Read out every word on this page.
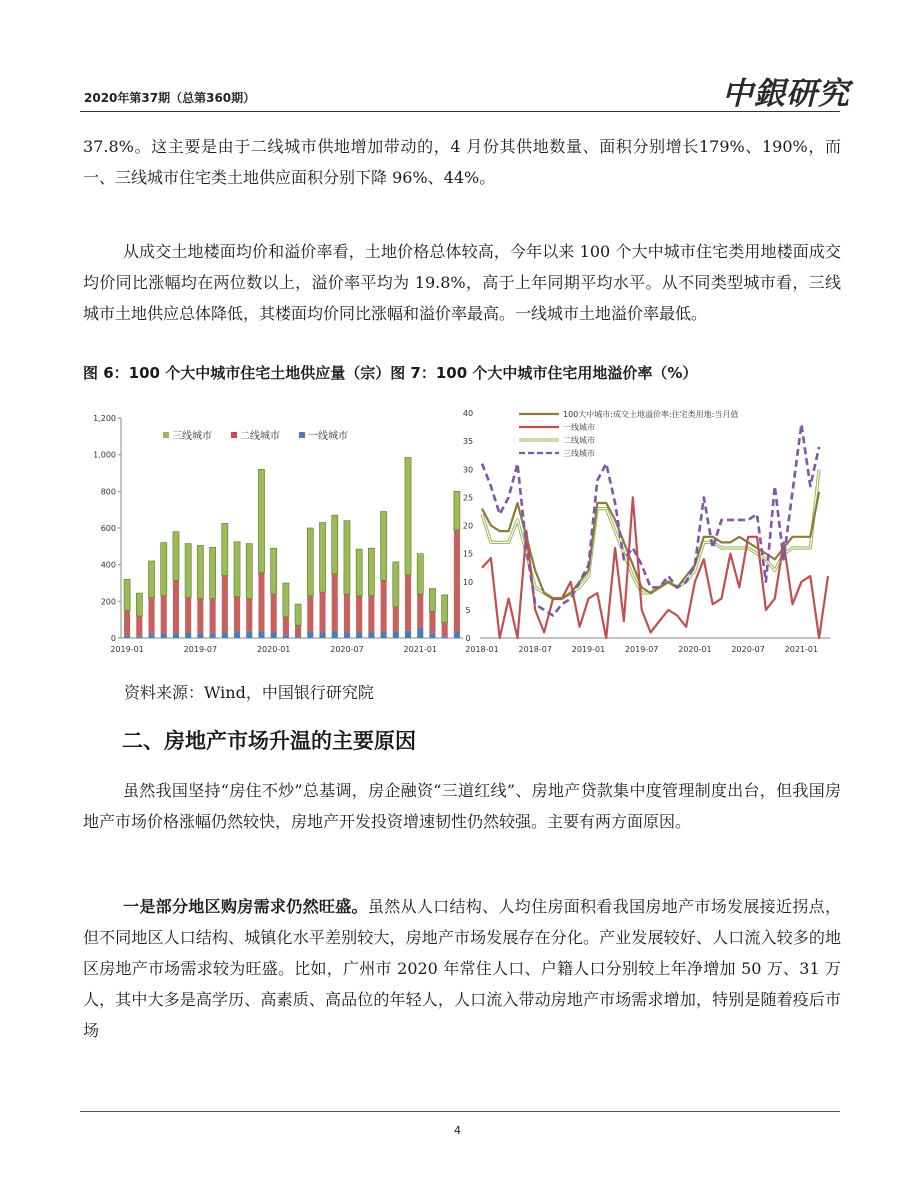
2020年第37期（总第360期）	中銀研究

37.8%。这主要是由于二线城市供地增加带动的，4 月份其供地数量、面积分别增长179%、190%，而一、三线城市住宅类土地供应面积分别下降 96%、44%。

从成交土地楼面均价和溢价率看，土地价格总体较高，今年以来 100 个大中城市住宅类用地楼面成交均价同比涨幅均在两位数以上，溢价率平均为 19.8%，高于上年同期平均水平。从不同类型城市看，三线城市土地供应总体降低，其楼面均价同比涨幅和溢价率最高。一线城市土地溢价率最低。

图 6：100 个大中城市住宅土地供应量（宗）图 7：100 个大中城市住宅用地溢价率（%）
0
200
400
600
800
1,000
1,200
2019-01	2019-07	2020-01	2020-07	2021-01
三线城市	二线城市	一线城市
0
5
10
15
20
25
30
35
40
2018-01 2018-07 2019-01 2019-07 2020-01 2020-07 2021-01
100大中城市:成交土地溢价率:住宅类用地:当月值
一线城市
二线城市
三线城市
资料来源：Wind，中国银行研究院
二、房地产市场升温的主要原因

虽然我国坚持“房住不炒”总基调，房企融资“三道红线”、房地产贷款集中度管理制度出台，但我国房地产市场价格涨幅仍然较快，房地产开发投资增速韧性仍然较强。主要有两方面原因。

一是部分地区购房需求仍然旺盛。虽然从人口结构、人均住房面积看我国房地产市场发展接近拐点，但不同地区人口结构、城镇化水平差别较大，房地产市场发展存在分化。产业发展较好、人口流入较多的地区房地产市场需求较为旺盛。比如，广州市 2020 年常住人口、户籍人口分别较上年净增加 50 万、31 万人，其中大多是高学历、高素质、高品位的年轻人，人口流入带动房地产市场需求增加，特别是随着疫后市场

4
